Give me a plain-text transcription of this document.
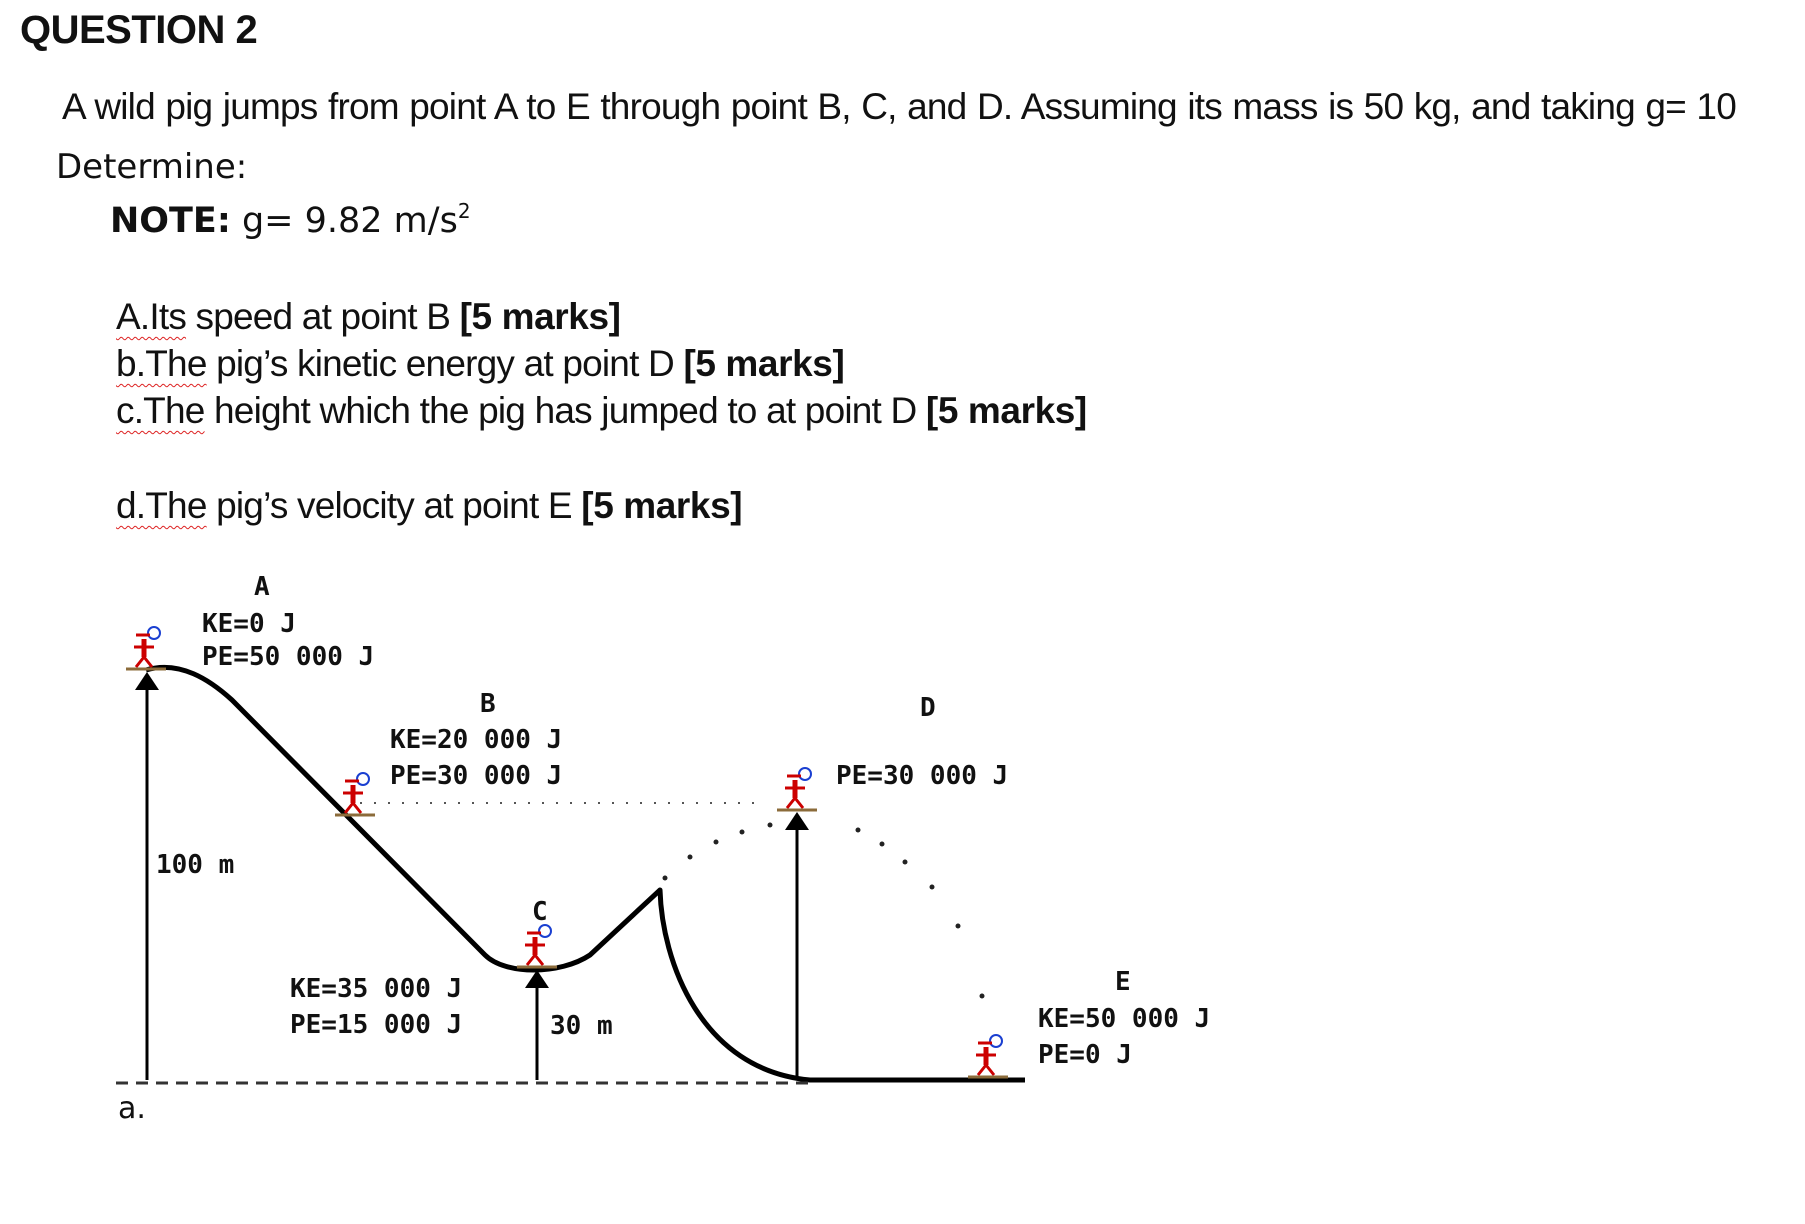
QUESTION 2
A wild pig jumps from point A to E through point B, C, and D. Assuming its mass is 50 kg, and taking g= 10
Determine:
NOTE: g= 9.82 $m/s^2$
A.Its speed at point B [5 marks]
b.The pig’s kinetic energy at point D [5 marks]
c.The height which the pig has jumped to at point D [5 marks]
d.The pig’s velocity at point E [5 marks]
A
KE=0 J
PE=50 000 J
B
KE=20 000 J
PE=30 000 J
C
KE=35 000 J
PE=15 000 J
D
PE=30 000 J
E
KE=50 000 J
PE=0 J
100 m
30 m
a.
